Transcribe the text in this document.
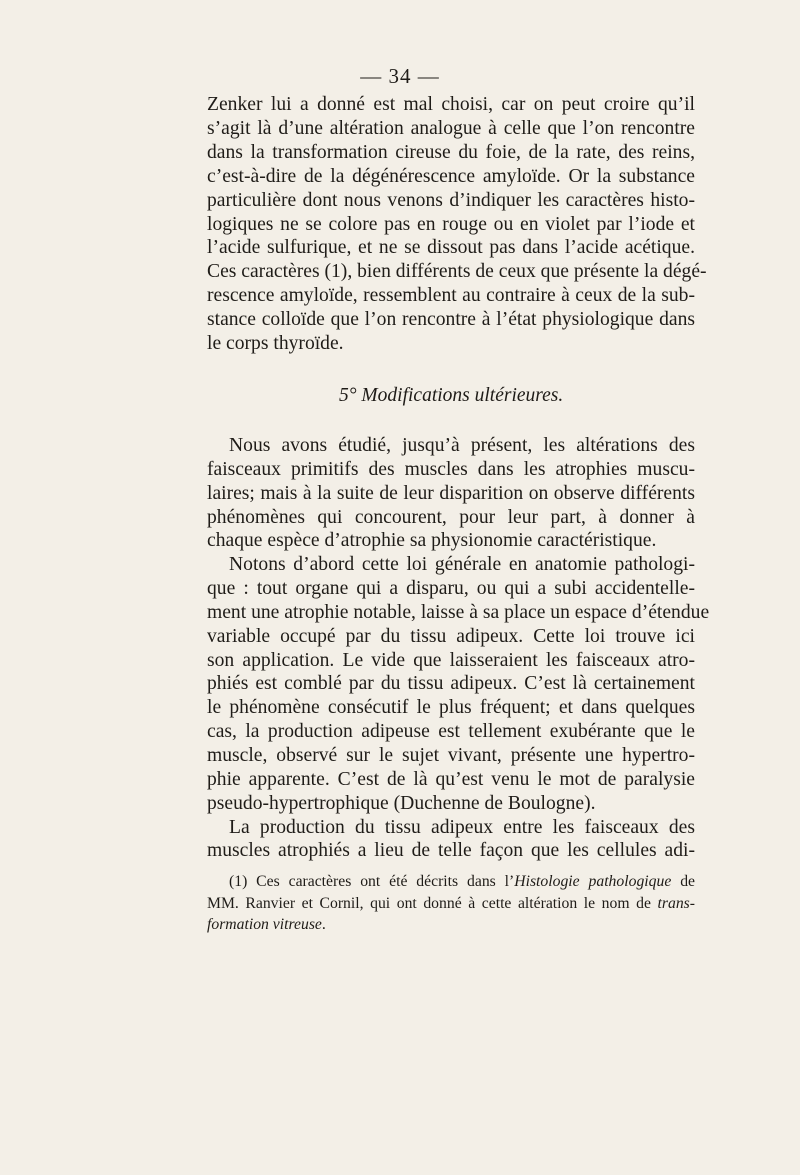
— 34 —
Zenker lui a donné est mal choisi, car on peut croire qu’il
s’agit là d’une altération analogue à celle que l’on rencontre
dans la transformation cireuse du foie, de la rate, des reins,
c’est-à-dire de la dégénérescence amyloïde. Or la substance
particulière dont nous venons d’indiquer les caractères histo-
logiques ne se colore pas en rouge ou en violet par l’iode et
l’acide sulfurique, et ne se dissout pas dans l’acide acétique.
Ces caractères (1), bien différents de ceux que présente la dégé-
rescence amyloïde, ressemblent au contraire à ceux de la sub-
stance colloïde que l’on rencontre à l’état physiologique dans
le corps thyroïde.
5° Modifications ultérieures.
Nous avons étudié, jusqu’à présent, les altérations des
faisceaux primitifs des muscles dans les atrophies muscu-
laires; mais à la suite de leur disparition on observe différents
phénomènes qui concourent, pour leur part, à donner à
chaque espèce d’atrophie sa physionomie caractéristique.
Notons d’abord cette loi générale en anatomie pathologi-
que : tout organe qui a disparu, ou qui a subi accidentelle-
ment une atrophie notable, laisse à sa place un espace d’étendue
variable occupé par du tissu adipeux. Cette loi trouve ici
son application. Le vide que laisseraient les faisceaux atro-
phiés est comblé par du tissu adipeux. C’est là certainement
le phénomène consécutif le plus fréquent; et dans quelques
cas, la production adipeuse est tellement exubérante que le
muscle, observé sur le sujet vivant, présente une hypertro-
phie apparente. C’est de là qu’est venu le mot de paralysie
pseudo-hypertrophique (Duchenne de Boulogne).
La production du tissu adipeux entre les faisceaux des
muscles atrophiés a lieu de telle façon que les cellules adi-
(1) Ces caractères ont été décrits dans l’Histologie pathologique de
MM. Ranvier et Cornil, qui ont donné à cette altération le nom de trans-
formation vitreuse.
